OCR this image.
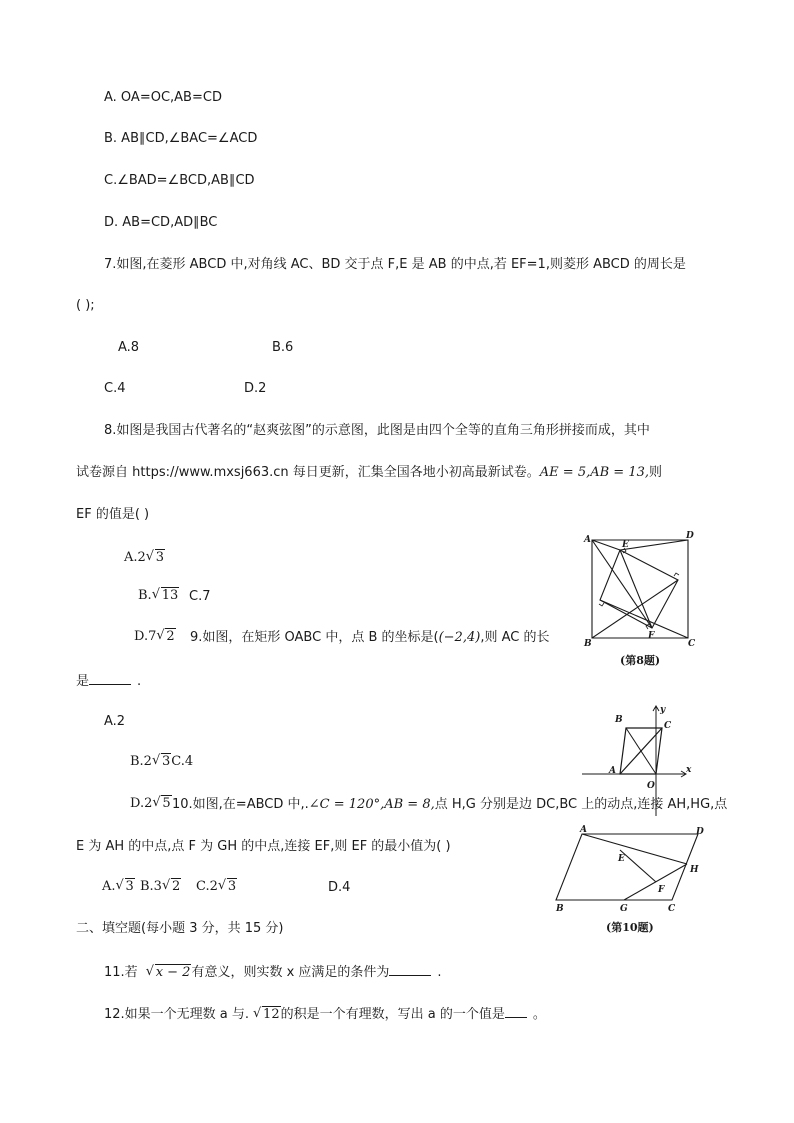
A. OA=OC,AB=CD
B. AB∥CD,∠BAC=∠ACD
C.∠BAD=∠BCD,AB∥CD
D. AB=CD,AD∥BC
7.如图,在菱形 ABCD 中,对角线 AC、BD 交于点 F,E 是 AB 的中点,若 EF=1,则菱形 ABCD 的周长是
( );
A.8	B.6
C.4	D.2
8.如图是我国古代著名的“赵爽弦图”的示意图，此图是由四个全等的直角三角形拼接而成，其中
试卷源自 https://www.mxsj663.cn 每日更新，汇集全国各地小初高最新试卷。AE = 5,AB = 13,则
EF 的值是( )
A.2 √ 3
B. √ 13 C.7
D.7 √ 2 9.如图，在矩形 OABC 中，点 B 的坐标是((−2,4),则 AC 的长
是	.
A	D
B	C
E
F
(第8题)
A.2
B.2 √ 3C.4
B
C
A
O
x
y
D.2 √ 5 10.如图,在=ABCD 中,.∠C = 120°,AB = 8,点 H,G 分别是边 DC,BC 上的动点,连接 AH,HG,点
E 为 AH 的中点,点 F 为 GH 的中点,连接 EF,则 EF 的最小值为( )
A. √ 3 B.3 √ 2 C.2 √ 3	D.4
A	D
B	C
E
F
G
H
(第10题)
二、填空题(每小题 3 分，共 15 分)
11.若 √ x − 2有意义，则实数 x 应满足的条件为	.
12.如果一个无理数 a 与. √ 12的积是一个有理数，写出 a 的一个值是 。
